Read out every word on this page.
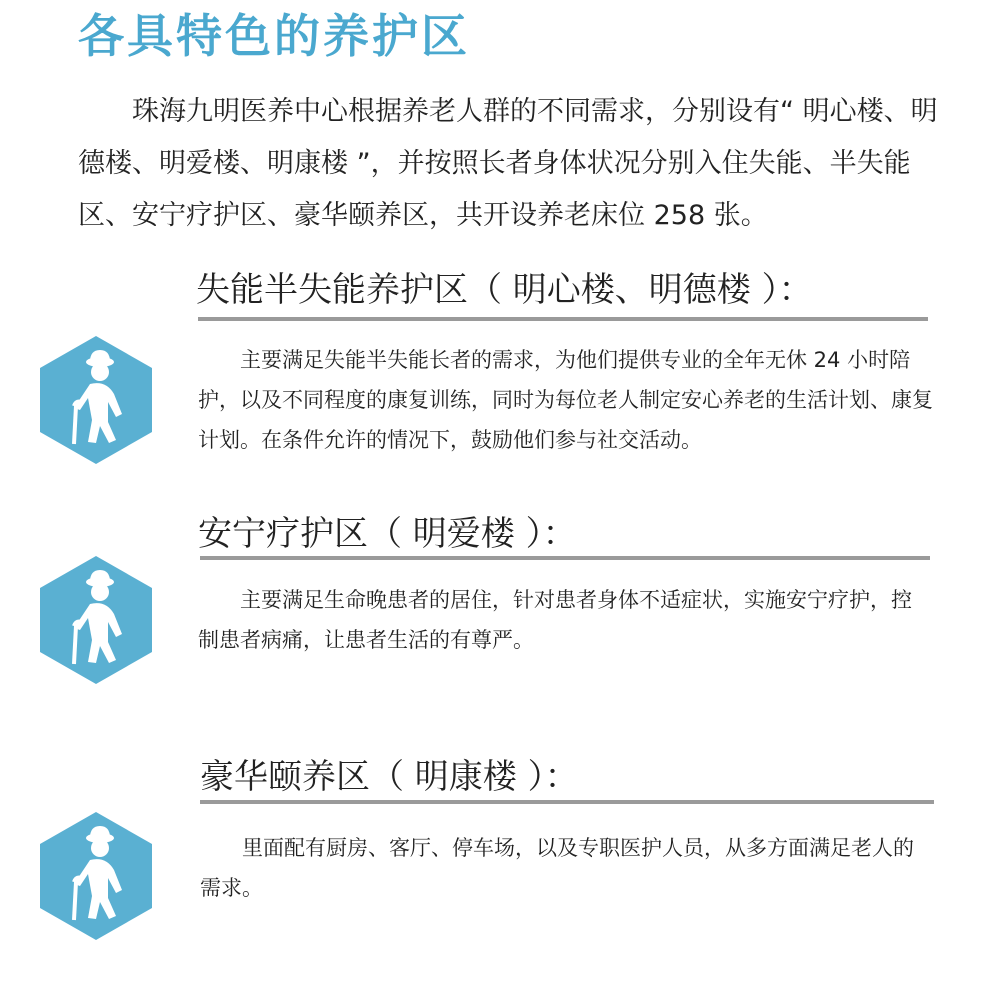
各具特色的养护区

珠海九明医养中心根据养老人群的不同需求，分别设有“ 明心楼、明德楼、明爱楼、明康楼 ”，并按照长者身体状况分别入住失能、半失能区、安宁疗护区、豪华颐养区，共开设养老床位 258 张。

失能半失能养护区（ 明心楼、明德楼 ）：

主要满足失能半失能长者的需求，为他们提供专业的全年无休 24 小时陪护，以及不同程度的康复训练，同时为每位老人制定安心养老的生活计划、康复计划。在条件允许的情况下，鼓励他们参与社交活动。

安宁疗护区（ 明爱楼 ）：

主要满足生命晚患者的居住，针对患者身体不适症状，实施安宁疗护，控制患者病痛，让患者生活的有尊严。

豪华颐养区（ 明康楼 ）：

里面配有厨房、客厅、停车场，以及专职医护人员，从多方面满足老人的需求。
